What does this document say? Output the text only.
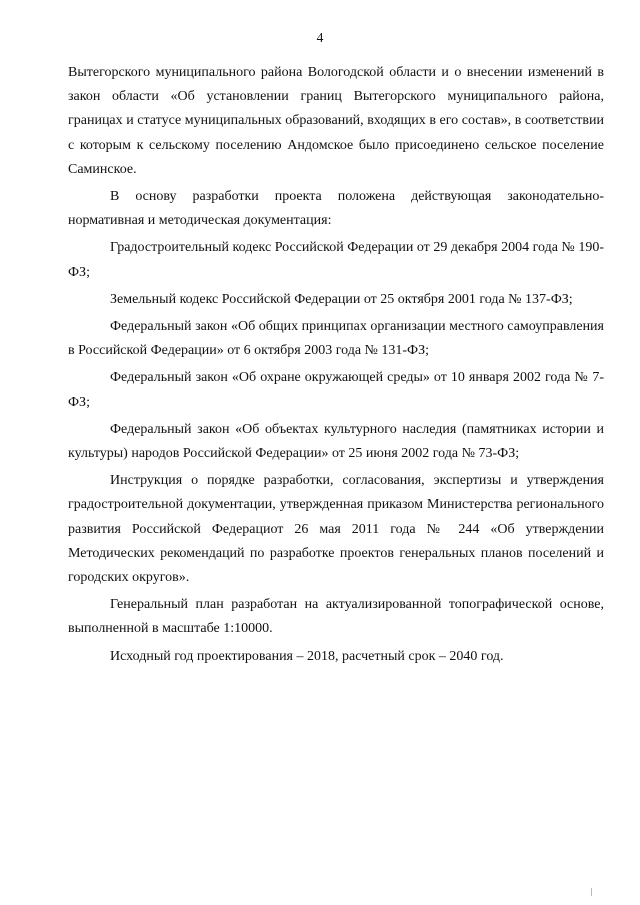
4

Вытегорского муниципального района Вологодской области и о внесении изменений в закон области «Об установлении границ Вытегорского муниципального района, границах и статусе муниципальных образований, входящих в его состав», в соответствии с которым к сельскому поселению Андомское было присоединено сельское поселение Саминское.

В основу разработки проекта положена действующая законодательно-нормативная и методическая документация:

Градостроительный кодекс Российской Федерации от 29 декабря 2004 года № 190-ФЗ;

Земельный кодекс Российской Федерации от 25 октября 2001 года № 137-ФЗ;

Федеральный закон «Об общих принципах организации местного самоуправления в Российской Федерации» от 6 октября 2003 года № 131-ФЗ;

Федеральный закон «Об охране окружающей среды» от 10 января 2002 года № 7-ФЗ;

Федеральный закон «Об объектах культурного наследия (памятниках истории и культуры) народов Российской Федерации» от 25 июня 2002 года № 73-ФЗ;

Инструкция о порядке разработки, согласования, экспертизы и утверждения градостроительной документации, утвержденная приказом Министерства регионального развития Российской Федерациот 26 мая 2011 года № 244 «Об утверждении Методических рекомендаций по разработке проектов генеральных планов поселений и городских округов».

Генеральный план разработан на актуализированной топографической основе, выполненной в масштабе 1:10000.

Исходный год проектирования – 2018, расчетный срок – 2040 год.
